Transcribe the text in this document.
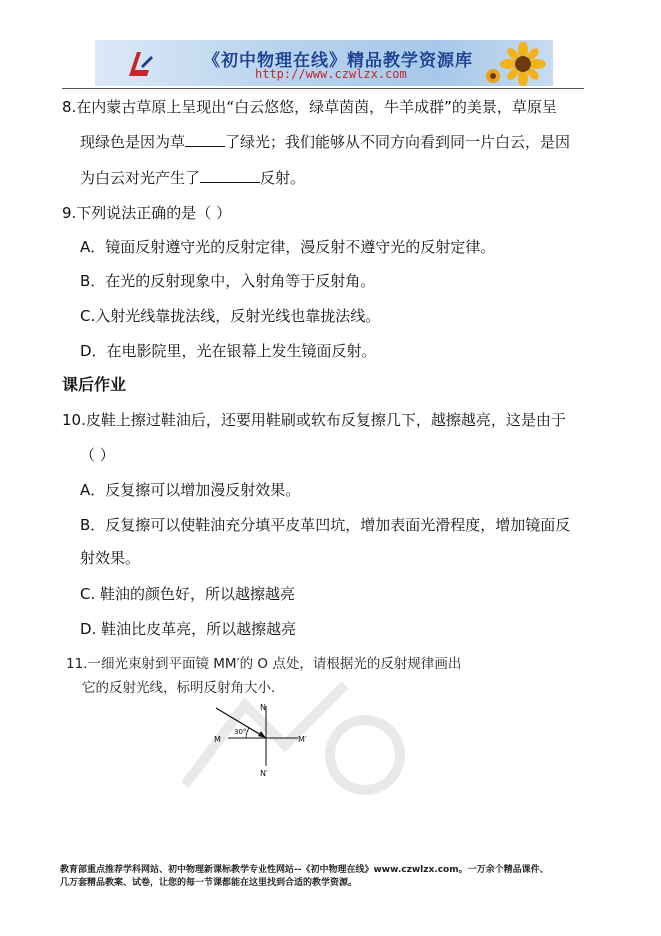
《初中物理在线》精品教学资源库
http://www.czwlzx.com
8.在内蒙古草原上呈现出“白云悠悠，绿草茵茵，牛羊成群”的美景，草原呈
现绿色是因为草	了绿光；我们能够从不同方向看到同一片白云，是因
为白云对光产生了	反射。
9.下列说法正确的是（ ）
A．镜面反射遵守光的反射定律，漫反射不遵守光的反射定律。
B．在光的反射现象中，入射角等于反射角。
C.入射光线靠拢法线，反射光线也靠拢法线。
D．在电影院里，光在银幕上发生镜面反射。
课后作业
10.皮鞋上擦过鞋油后，还要用鞋刷或软布反复擦几下，越擦越亮，这是由于
（ ）
A．反复擦可以增加漫反射效果。
B．反复擦可以使鞋油充分填平皮革凹坑，增加表面光滑程度，增加镜面反
射效果。
C. 鞋油的颜色好，所以越擦越亮
D. 鞋油比皮革亮，所以越擦越亮
11.一细光束射到平面镜 MM′的 O 点处，请根据光的反射规律画出
它的反射光线，标明反射角大小.
30°
N
N′
M	M′
教育部重点推荐学科网站、初中物理新课标教学专业性网站--《初中物理在线》www.czwlzx.com。一万余个精品课件、
几万套精品教案、试卷，让您的每一节课都能在这里找到合适的教学资源。
